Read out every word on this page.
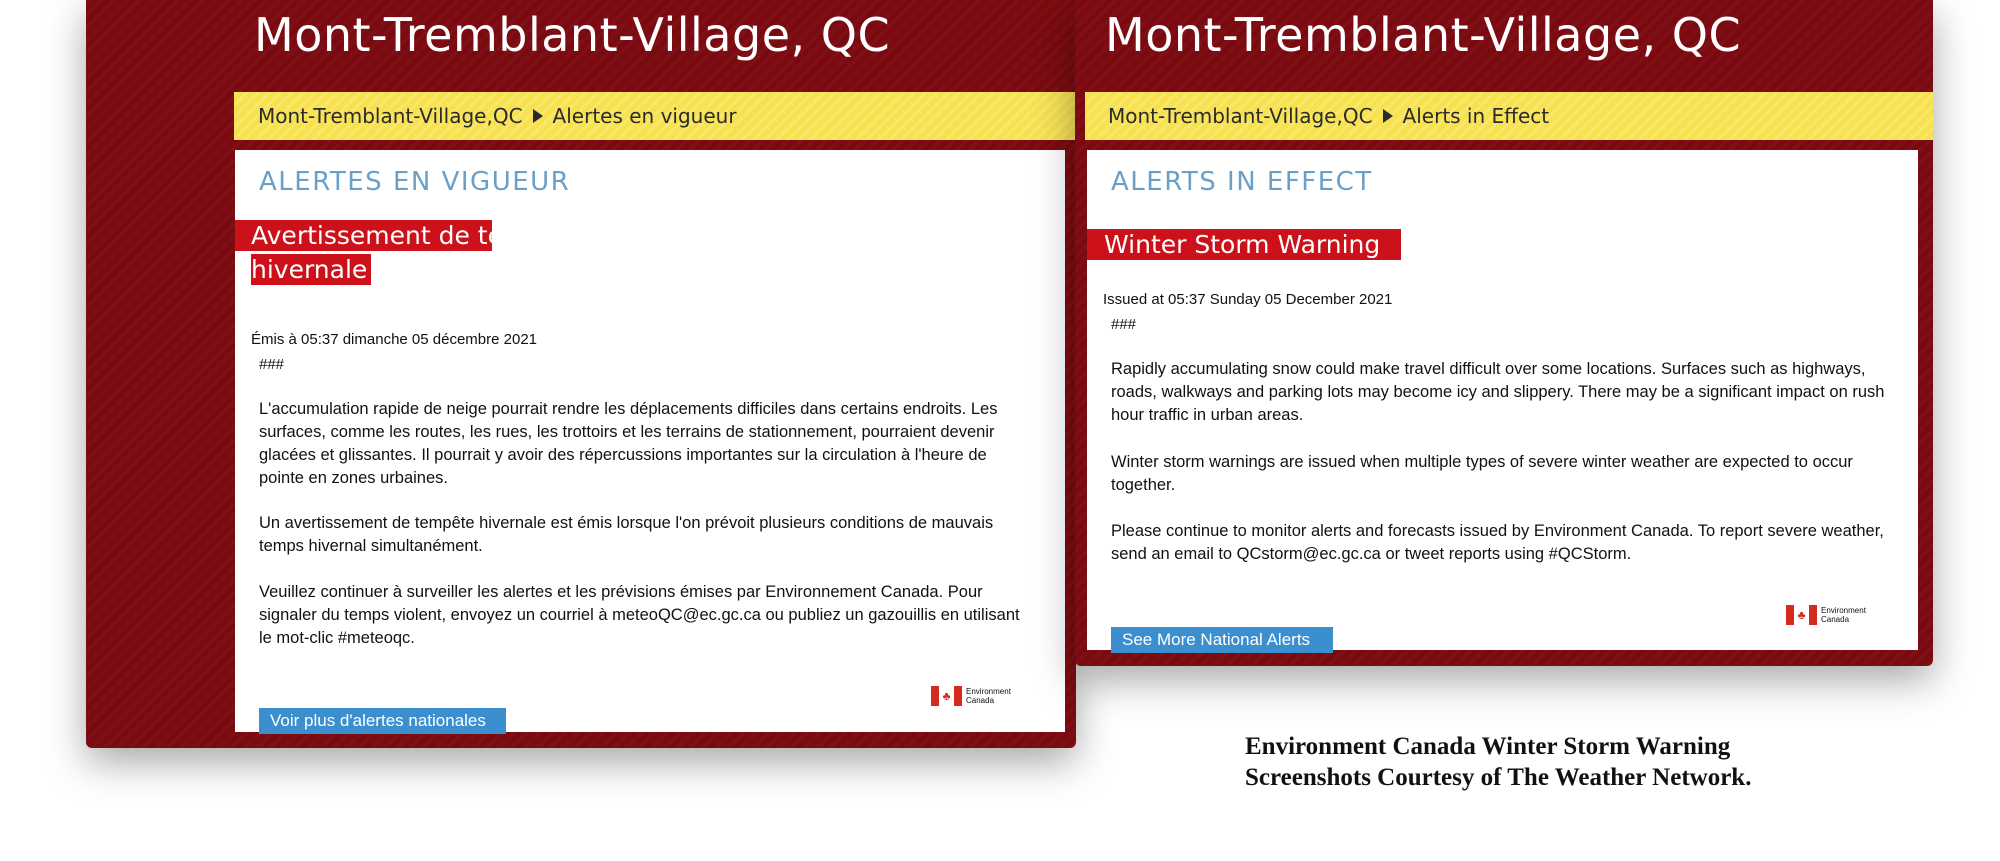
Mont-Tremblant-Village, QC
Mont-Tremblant-Village,QC Alertes en vigueur
ALERTES EN VIGUEUR
Avertissement de tempête
hivernale
Émis à 05:37 dimanche 05 décembre 2021
###
L'accumulation rapide de neige pourrait rendre les déplacements difficiles dans certains endroits. Les surfaces, comme les routes, les rues, les trottoirs et les terrains de stationnement, pourraient devenir glacées et glissantes. Il pourrait y avoir des répercussions importantes sur la circulation à l'heure de pointe en zones urbaines.
Un avertissement de tempête hivernale est émis lorsque l'on prévoit plusieurs conditions de mauvais temps hivernal simultanément.
Veuillez continuer à surveiller les alertes et les prévisions émises par Environnement Canada. Pour signaler du temps violent, envoyez un courriel à meteoQC@ec.gc.ca ou publiez un gazouillis en utilisant le mot-clic #meteoqc.
♣	Environment
Canada
Voir plus d'alertes nationales
Mont-Tremblant-Village, QC
Mont-Tremblant-Village,QC Alerts in Effect
ALERTS IN EFFECT
Winter Storm Warning
Issued at 05:37 Sunday 05 December 2021
###
Rapidly accumulating snow could make travel difficult over some locations. Surfaces such as highways, roads, walkways and parking lots may become icy and slippery. There may be a significant impact on rush hour traffic in urban areas.
Winter storm warnings are issued when multiple types of severe winter weather are expected to occur together.
Please continue to monitor alerts and forecasts issued by Environment Canada. To report severe weather, send an email to QCstorm@ec.gc.ca or tweet reports using #QCStorm.
♣	Environment
Canada
See More National Alerts
Environment Canada Winter Storm Warning
Screenshots Courtesy of The Weather Network.
